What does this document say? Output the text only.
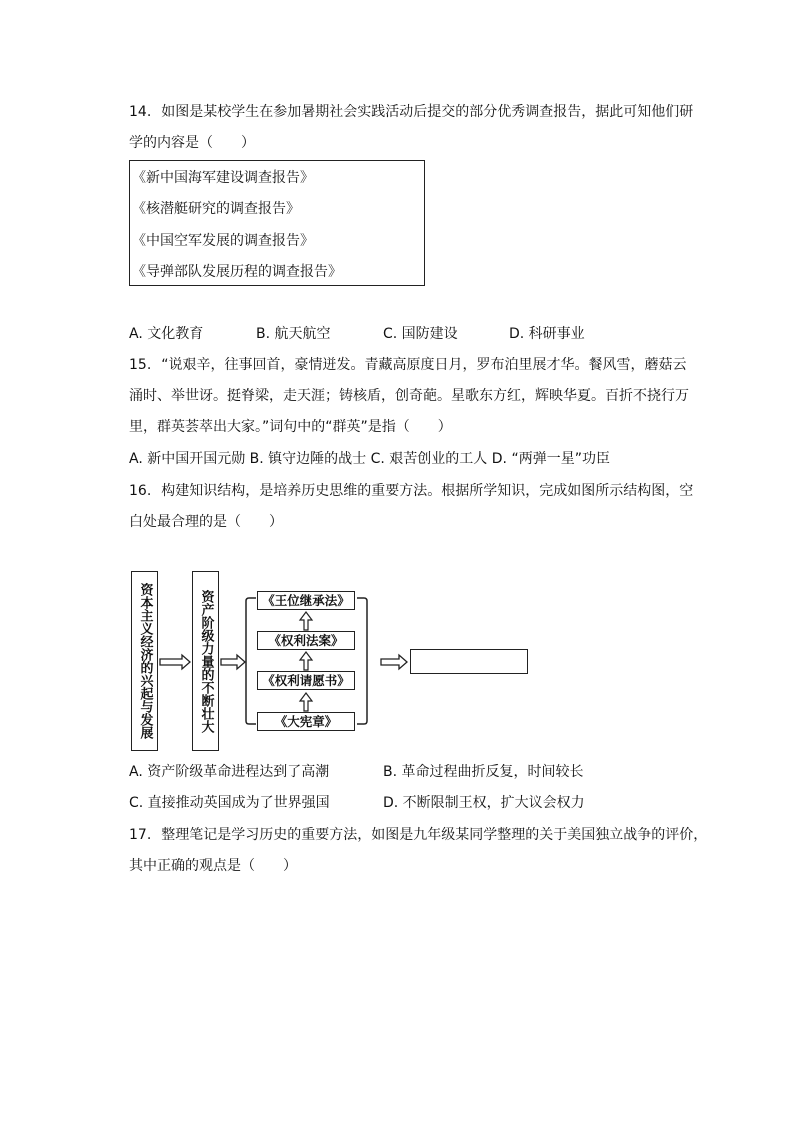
14. 如图是某校学生在参加暑期社会实践活动后提交的部分优秀调查报告，据此可知他们研
学的内容是（　　）
《新中国海军建设调查报告》
《核潜艇研究的调查报告》
《中国空军发展的调查报告》
《导弹部队发展历程的调查报告》
A. 文化教育	B. 航天航空	C. 国防建设	D. 科研事业
15. “说艰辛，往事回首，豪情迸发。青藏高原度日月，罗布泊里展才华。餐风雪，蘑菇云
涌时、举世讶。挺脊梁，走天涯；铸核盾，创奇葩。星歌东方红，辉映华夏。百折不挠行万
里，群英荟萃出大家。”词句中的“群英”是指（　　）
A. 新中国开国元勋 B. 镇守边陲的战士 C. 艰苦创业的工人 D. “两弹一星”功臣
16. 构建知识结构，是培养历史思维的重要方法。根据所学知识，完成如图所示结构图，空
白处最合理的是（　　）
资本主义经济的兴起与发展	资产阶级力量的不断壮大	《王位继承法》
《权利法案》
《权利请愿书》
《大宪章》
A. 资产阶级革命进程达到了高潮	B. 革命过程曲折反复，时间较长
C. 直接推动英国成为了世界强国	D. 不断限制王权，扩大议会权力
17. 整理笔记是学习历史的重要方法，如图是九年级某同学整理的关于美国独立战争的评价，
其中正确的观点是（　　）
